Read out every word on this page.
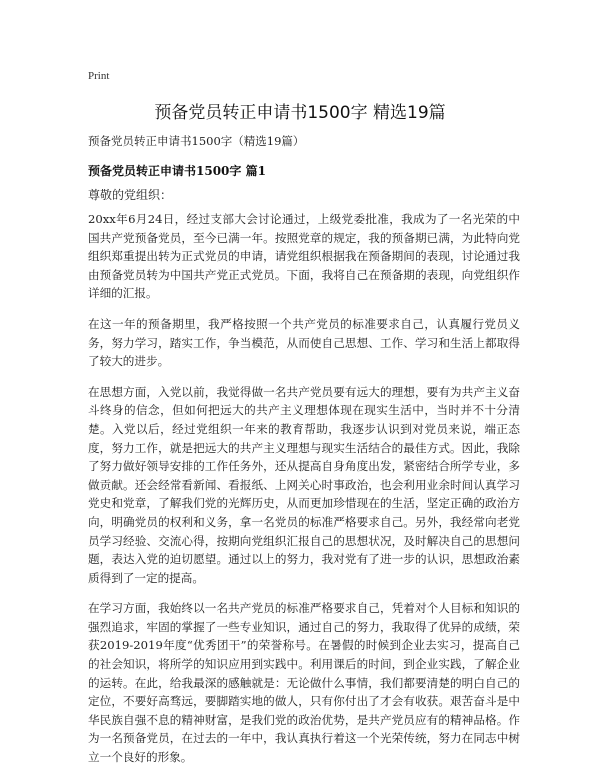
Print
预备党员转正申请书1500字 精选19篇
预备党员转正申请书1500字（精选19篇）
预备党员转正申请书1500字 篇1
尊敬的党组织：

20xx年6月24日，经过支部大会讨论通过，上级党委批准，我成为了一名光荣的中国共产党预备党员，至今已满一年。按照党章的规定，我的预备期已满，为此特向党组织郑重提出转为正式党员的申请，请党组织根据我在预备期间的表现，讨论通过我由预备党员转为中国共产党正式党员。下面，我将自己在预备期的表现，向党组织作详细的汇报。

在这一年的预备期里，我严格按照一个共产党员的标准要求自己，认真履行党员义务，努力学习，踏实工作，争当模范，从而使自己思想、工作、学习和生活上都取得了较大的进步。

在思想方面，入党以前，我觉得做一名共产党员要有远大的理想，要有为共产主义奋斗终身的信念，但如何把远大的共产主义理想体现在现实生活中，当时并不十分清楚。入党以后，经过党组织一年来的教育帮助，我逐步认识到对党员来说，端正态度，努力工作，就是把远大的共产主义理想与现实生活结合的最佳方式。因此，我除了努力做好领导安排的工作任务外，还从提高自身角度出发，紧密结合所学专业，多做贡献。还会经常看新闻、看报纸、上网关心时事政治，也会利用业余时间认真学习党史和党章，了解我们党的光辉历史，从而更加珍惜现在的生活，坚定正确的政治方向，明确党员的权利和义务，拿一名党员的标准严格要求自己。另外，我经常向老党员学习经验、交流心得，按期向党组织汇报自己的思想状况，及时解决自己的思想问题，表达入党的迫切愿望。通过以上的努力，我对党有了进一步的认识，思想政治素质得到了一定的提高。

在学习方面，我始终以一名共产党员的标准严格要求自己，凭着对个人目标和知识的强烈追求，牢固的掌握了一些专业知识，通过自己的努力，我取得了优异的成绩，荣获2019-2019年度“优秀团干”的荣誉称号。在暑假的时候到企业去实习，提高自己的社会知识，将所学的知识应用到实践中。利用课后的时间，到企业实践，了解企业的运转。在此，给我最深的感触就是：无论做什么事情，我们都要清楚的明白自己的定位，不要好高骛远，要脚踏实地的做人，只有你付出了才会有收获。艰苦奋斗是中华民族自强不息的精神财富，是我们党的政治优势，是共产党员应有的精神品格。作为一名预备党员，在过去的一年中，我认真执行着这一个光荣传统，努力在同志中树立一个良好的形象。
